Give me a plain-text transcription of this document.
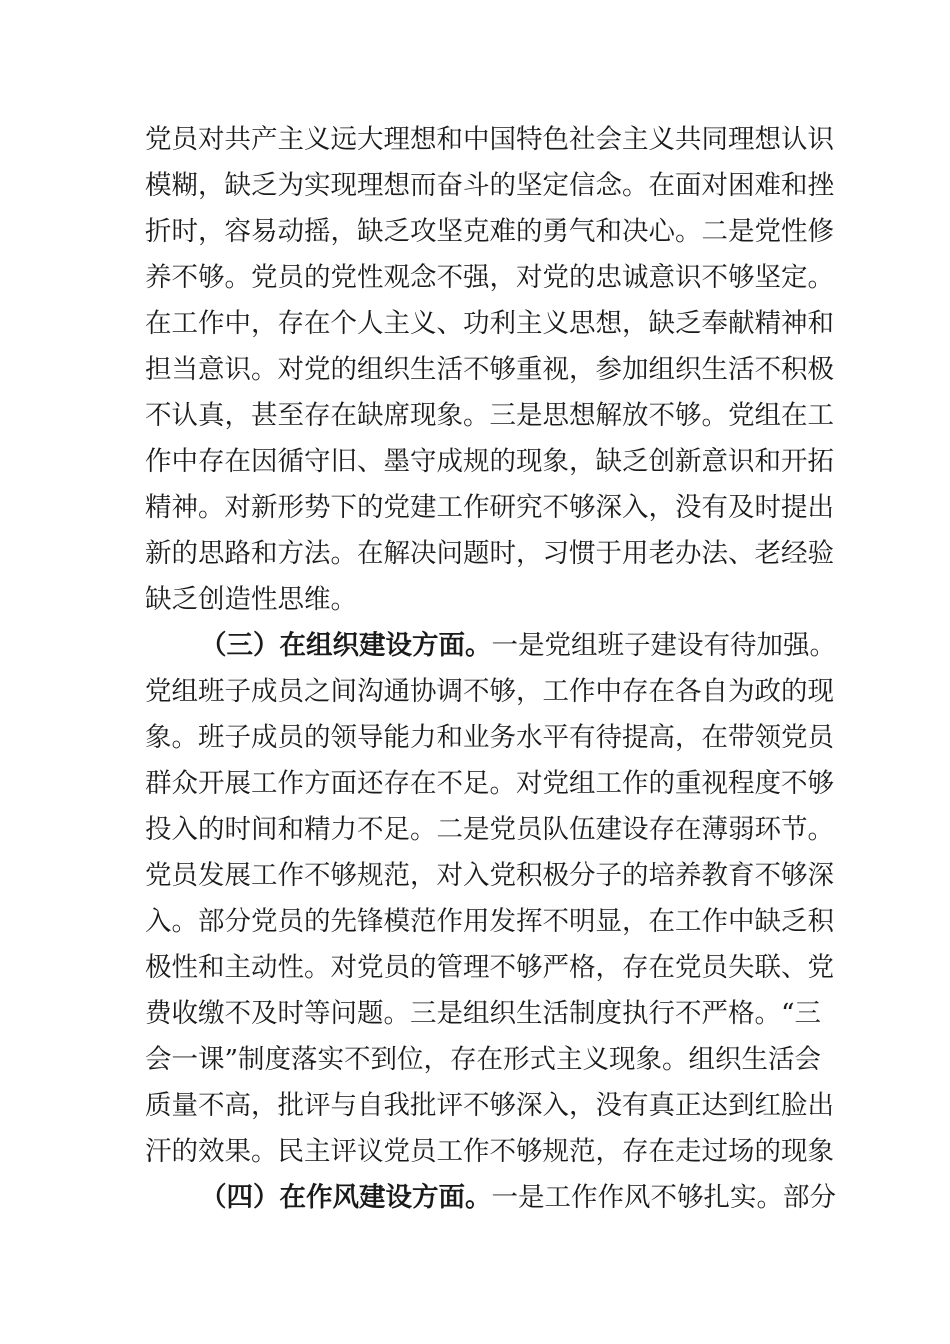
党员对共产主义远大理想和中国特色社会主义共同理想认识
模糊，缺乏为实现理想而奋斗的坚定信念。在面对困难和挫
折时，容易动摇，缺乏攻坚克难的勇气和决心。二是党性修
养不够。党员的党性观念不强，对党的忠诚意识不够坚定。
在工作中，存在个人主义、功利主义思想，缺乏奉献精神和
担当意识。对党的组织生活不够重视，参加组织生活不积极
不认真，甚至存在缺席现象。三是思想解放不够。党组在工
作中存在因循守旧、墨守成规的现象，缺乏创新意识和开拓
精神。对新形势下的党建工作研究不够深入，没有及时提出
新的思路和方法。在解决问题时，习惯于用老办法、老经验
缺乏创造性思维。
（三）在组织建设方面。一是党组班子建设有待加强。
党组班子成员之间沟通协调不够，工作中存在各自为政的现
象。班子成员的领导能力和业务水平有待提高，在带领党员
群众开展工作方面还存在不足。对党组工作的重视程度不够
投入的时间和精力不足。二是党员队伍建设存在薄弱环节。
党员发展工作不够规范，对入党积极分子的培养教育不够深
入。部分党员的先锋模范作用发挥不明显，在工作中缺乏积
极性和主动性。对党员的管理不够严格，存在党员失联、党
费收缴不及时等问题。三是组织生活制度执行不严格。“三
会一课”制度落实不到位，存在形式主义现象。组织生活会
质量不高，批评与自我批评不够深入，没有真正达到红脸出
汗的效果。民主评议党员工作不够规范，存在走过场的现象
（四）在作风建设方面。一是工作作风不够扎实。部分
